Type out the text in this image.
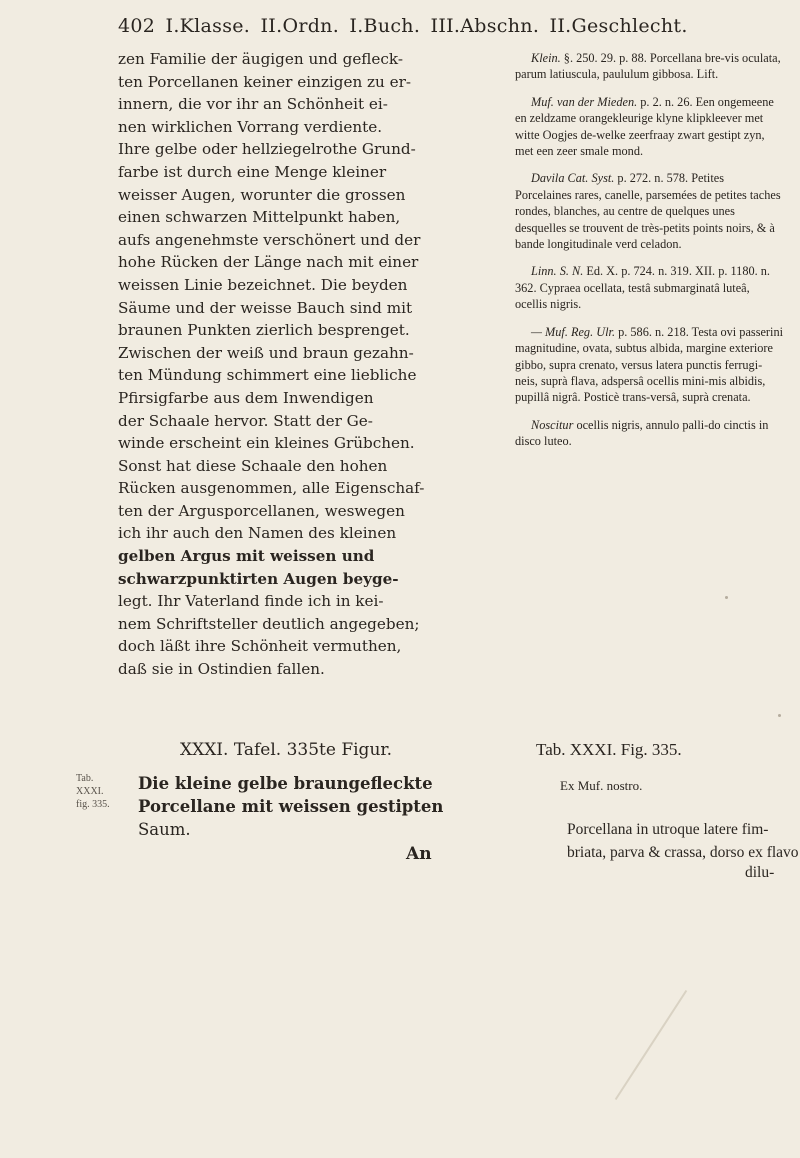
402 I.Klasse. II.Ordn. I.Buch. III.Abschn. II.Geschlecht.
zen Familie der äugigen und gefleck-
ten Porcellanen keiner einzigen zu er-
innern, die vor ihr an Schönheit ei-
nen wirklichen Vorrang verdiente.
Ihre gelbe oder hellziegelrothe Grund-
farbe ist durch eine Menge kleiner
weisser Augen, worunter die grossen
einen schwarzen Mittelpunkt haben,
aufs angenehmste verschönert und der
hohe Rücken der Länge nach mit einer
weissen Linie bezeichnet. Die beyden
Säume und der weisse Bauch sind mit
braunen Punkten zierlich besprenget.
Zwischen der weiß und braun gezahn-
ten Mündung schimmert eine liebliche
Pfirsigfarbe aus dem Inwendigen
der Schaale hervor. Statt der Ge-
winde erscheint ein kleines Grübchen.
Sonst hat diese Schaale den hohen
Rücken ausgenommen, alle Eigenschaf-
ten der Argusporcellanen, weswegen
ich ihr auch den Namen des kleinen
gelben Argus mit weissen und
schwarzpunktirten Augen beyge-
legt. Ihr Vaterland finde ich in kei-
nem Schriftsteller deutlich angegeben;
doch läßt ihre Schönheit vermuthen,
daß sie in Ostindien fallen.
Klein. §. 250. 29. p. 88. Porcellana bre-vis oculata, parum latiuscula, paululum gibbosa. Lift.
Muf. van der Mieden. p. 2. n. 26. Een ongemeene en zeldzame orangekleurige klyne klipkleever met witte Oogjes de-welke zeerfraay zwart gestipt zyn, met een zeer smale mond.
Davila Cat. Syst. p. 272. n. 578. Petites Porcelaines rares, canelle, parsemées de petites taches rondes, blanches, au centre de quelques unes desquelles se trouvent de très-petits points noirs, & à bande longitudinale verd celadon.
Linn. S. N. Ed. X. p. 724. n. 319. XII. p. 1180. n. 362. Cypraea ocellata, testâ submarginatâ luteâ, ocellis nigris.
— Muf. Reg. Ulr. p. 586. n. 218. Testa ovi passerini magnitudine, ovata, subtus albida, margine exteriore gibbo, supra crenato, versus latera punctis ferrugi-neis, suprà flava, adspersâ ocellis mini-mis albidis, pupillâ nigrâ. Posticè trans-versâ, suprà crenata.
Noscitur ocellis nigris, annulo palli-do cinctis in disco luteo.
XXXI. Tafel. 335te Figur.	Tab. XXXI. Fig. 335.
Ex Muf. nostro.
Tab.
XXXI.
fig. 335.
Die kleine gelbe braungefleckte
Porcellane mit weissen gestipten
Saum.	Porcellana in utroque latere fim-
briata, parva & crassa, dorso ex flavo
An
dilu-
